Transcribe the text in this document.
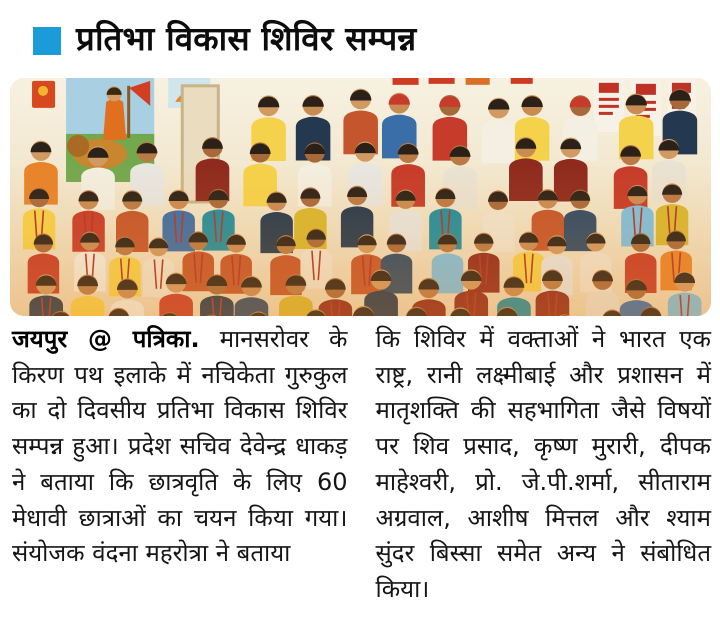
प्रतिभा विकास शिविर सम्पन्न

जयपुर @ पत्रिका. मानसरोवर के किरण पथ इलाके में नचिकेता गुरुकुल का दो दिवसीय प्रतिभा विकास शिविर सम्पन्न हुआ। प्रदेश सचिव देवेन्द्र धाकड़ ने बताया कि छात्रवृति के लिए 60 मेधावी छात्राओं का चयन किया गया। संयोजक वंदना महरोत्रा ने बताया

कि शिविर में वक्ताओं ने भारत एक राष्ट्र, रानी लक्ष्मीबाई और प्रशासन में मातृशक्ति की सहभागिता जैसे विषयों पर शिव प्रसाद, कृष्ण मुरारी, दीपक माहेश्वरी, प्रो. जे.पी.शर्मा, सीताराम अग्रवाल, आशीष मित्तल और श्याम सुंदर बिस्सा समेत अन्य ने संबोधित किया।
